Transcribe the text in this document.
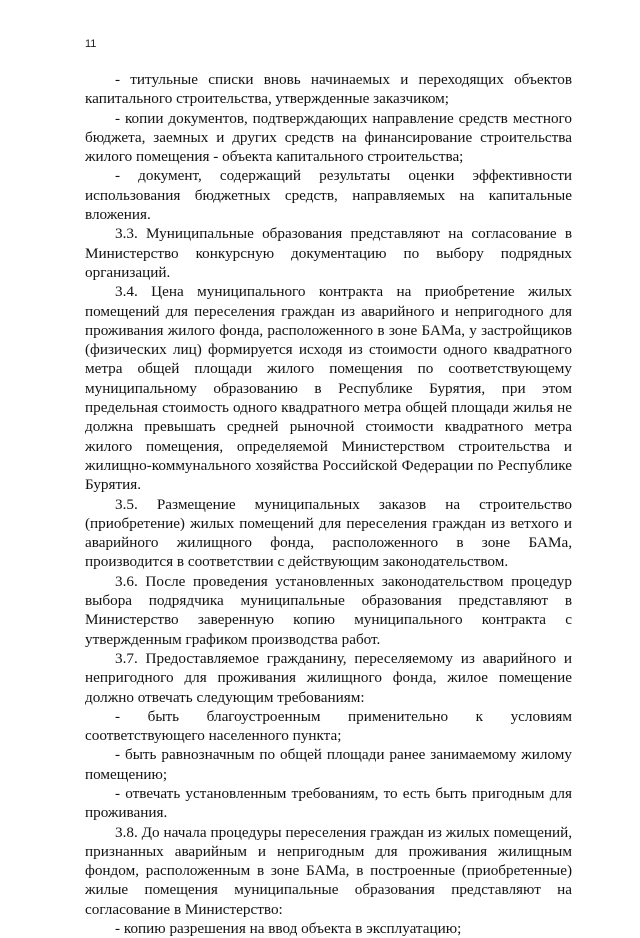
11

- титульные списки вновь начинаемых и переходящих объектов капитального строительства, утвержденные заказчиком;

- копии документов, подтверждающих направление средств местного бюджета, заемных и других средств на финансирование строительства жилого помещения - объекта капитального строительства;

- документ, содержащий результаты оценки эффективности использования бюджетных средств, направляемых на капитальные вложения.

3.3. Муниципальные образования представляют на согласование в Министерство конкурсную документацию по выбору подрядных организаций.

3.4. Цена муниципального контракта на приобретение жилых помещений для переселения граждан из аварийного и непригодного для проживания жилого фонда, расположенного в зоне БАМа, у застройщиков (физических лиц) формируется исходя из стоимости одного квадратного метра общей площади жилого помещения по соответствующему муниципальному образованию в Республике Бурятия, при этом предельная стоимость одного квадратного метра общей площади жилья не должна превышать средней рыночной стоимости квадратного метра жилого помещения, определяемой Министерством строительства и жилищно-коммунального хозяйства Российской Федерации по Республике Бурятия.

3.5. Размещение муниципальных заказов на строительство (приобретение) жилых помещений для переселения граждан из ветхого и аварийного жилищного фонда, расположенного в зоне БАМа, производится в соответствии с действующим законодательством.

3.6. После проведения установленных законодательством процедур выбора подрядчика муниципальные образования представляют в Министерство заверенную копию муниципального контракта с утвержденным графиком производства работ.

3.7. Предоставляемое гражданину, переселяемому из аварийного и непригодного для проживания жилищного фонда, жилое помещение должно отвечать следующим требованиям:

- быть благоустроенным применительно к условиям соответствующего населенного пункта;

- быть равнозначным по общей площади ранее занимаемому жилому помещению;

- отвечать установленным требованиям, то есть быть пригодным для проживания.

3.8. До начала процедуры переселения граждан из жилых помещений, признанных аварийным и непригодным для проживания жилищным фондом, расположенным в зоне БАМа, в построенные (приобретенные) жилые помещения муниципальные образования представляют на согласование в Министерство:

- копию разрешения на ввод объекта в эксплуатацию;
